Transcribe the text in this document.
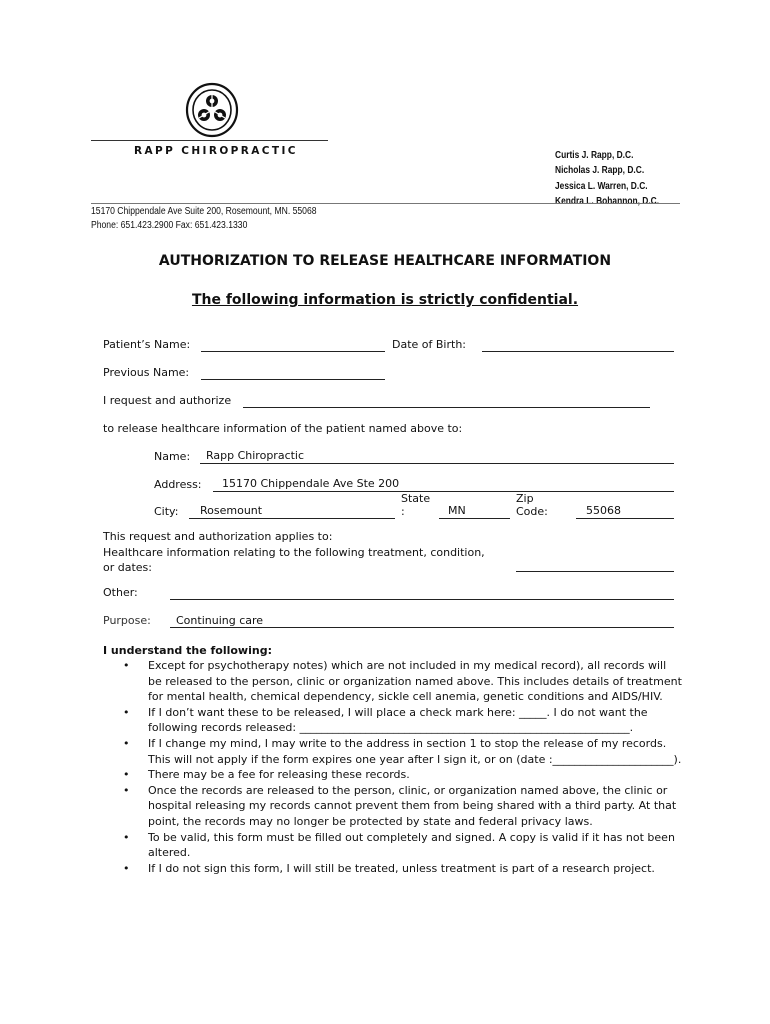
RAPP CHIROPRACTIC	Curtis J. Rapp, D.C.
Nicholas J. Rapp, D.C.
Jessica L. Warren, D.C.
Kendra L. Bohannon, D.C.
15170 Chippendale Ave Suite 200, Rosemount, MN. 55068
Phone: 651.423.2900 Fax: 651.423.1330
AUTHORIZATION TO RELEASE HEALTHCARE INFORMATION
The following information is strictly confidential.
Patient’s Name:	Date of Birth:
Previous Name:
I request and authorize
to release healthcare information of the patient named above to:
Name: Rapp Chiropractic
Address: 15170 Chippendale Ave Ste 200
City: Rosemount
State
:	MN
Zip
Code:	55068
This request and authorization applies to:
Healthcare information relating to the following treatment, condition,
or dates:
Other:
Purpose: Continuing care
I understand the following:
• Except for psychotherapy notes) which are not included in my medical record), all records will be released to the person, clinic or organization named above. This includes details of treatment for mental health, chemical dependency, sickle cell anemia, genetic conditions and AIDS/HIV.
• If I don’t want these to be released, I will place a check mark here: _____. I do not want the following records released: ____________________________________________________________.
• If I change my mind, I may write to the address in section 1 to stop the release of my records. This will not apply if the form expires one year after I sign it, or on (date :______________________).
• There may be a fee for releasing these records.
• Once the records are released to the person, clinic, or organization named above, the clinic or hospital releasing my records cannot prevent them from being shared with a third party. At that point, the records may no longer be protected by state and federal privacy laws.
• To be valid, this form must be filled out completely and signed. A copy is valid if it has not been altered.
• If I do not sign this form, I will still be treated, unless treatment is part of a research project.
